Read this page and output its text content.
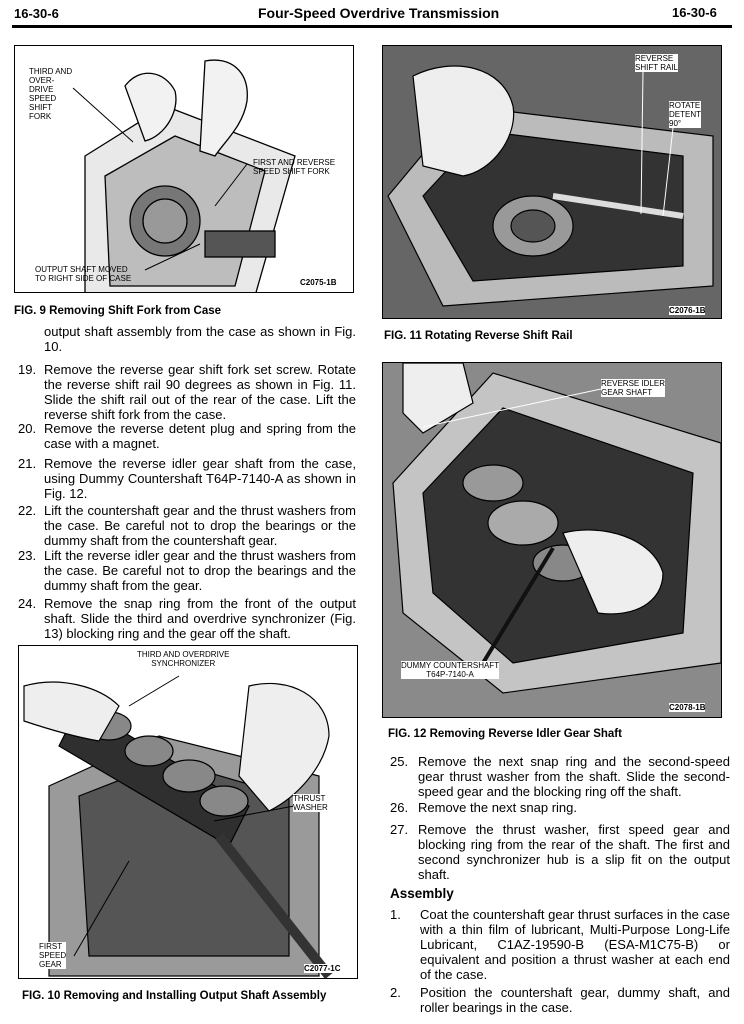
16-30-6	Four-Speed Overdrive Transmission	16-30-6
THIRD AND
OVER-
DRIVE
SPEED
SHIFT
FORK
FIRST AND REVERSE
SPEED SHIFT FORK
OUTPUT SHAFT MOVED
TO RIGHT SIDE OF CASE	C2075-1B
FIG. 9 Removing Shift Fork from Case
REVERSE
SHIFT RAIL
ROTATE
DETENT
90°
C2076-1B
FIG. 11 Rotating Reverse Shift Rail
output shaft assembly from the case as shown in Fig. 10.
19. Remove the reverse gear shift fork set screw. Rotate the reverse shift rail 90 degrees as shown in Fig. 11. Slide the shift rail out of the rear of the case. Lift the reverse shift fork from the case.
20. Remove the reverse detent plug and spring from the case with a magnet.
21. Remove the reverse idler gear shaft from the case, using Dummy Countershaft T64P-7140-A as shown in Fig. 12.
22. Lift the countershaft gear and the thrust washers from the case. Be careful not to drop the bearings or the dummy shaft from the countershaft gear.
23. Lift the reverse idler gear and the thrust washers from the case. Be careful not to drop the bearings and the dummy shaft from the gear.
24. Remove the snap ring from the front of the output shaft. Slide the third and overdrive synchronizer (Fig. 13) blocking ring and the gear off the shaft.
THIRD AND OVERDRIVE
SYNCHRONIZER
THRUST
WASHER
FIRST
SPEED
GEAR	C2077-1C
FIG. 10 Removing and Installing Output Shaft Assembly
REVERSE IDLER
GEAR SHAFT
DUMMY COUNTERSHAFT
T64P-7140-A
C2078-1B
FIG. 12 Removing Reverse Idler Gear Shaft
25. Remove the next snap ring and the second-speed gear thrust washer from the shaft. Slide the second-speed gear and the blocking ring off the shaft.
26. Remove the next snap ring.
27. Remove the thrust washer, first speed gear and blocking ring from the rear of the shaft. The first and second synchronizer hub is a slip fit on the output shaft.
Assembly
1.	Coat the countershaft gear thrust surfaces in the case with a thin film of lubricant, Multi-Purpose Long-Life Lubricant, C1AZ-19590-B (ESA-M1C75-B) or equivalent and position a thrust washer at each end of the case.
2.	Position the countershaft gear, dummy shaft, and roller bearings in the case.
